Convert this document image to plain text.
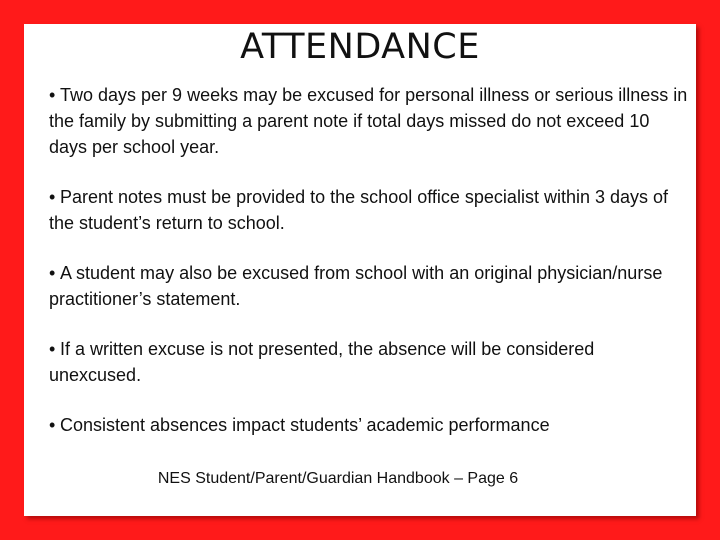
ATTENDANCE
• Two days per 9 weeks may be excused for personal illness or serious illness in the family by submitting a parent note if total days missed do not exceed 10 days per school year.
• Parent notes must be provided to the school office specialist within 3 days of the student’s return to school.
• A student may also be excused from school with an original physician/nurse practitioner’s statement.
• If a written excuse is not presented, the absence will be considered unexcused.
• Consistent absences impact students’ academic performance
NES Student/Parent/Guardian Handbook – Page 6
